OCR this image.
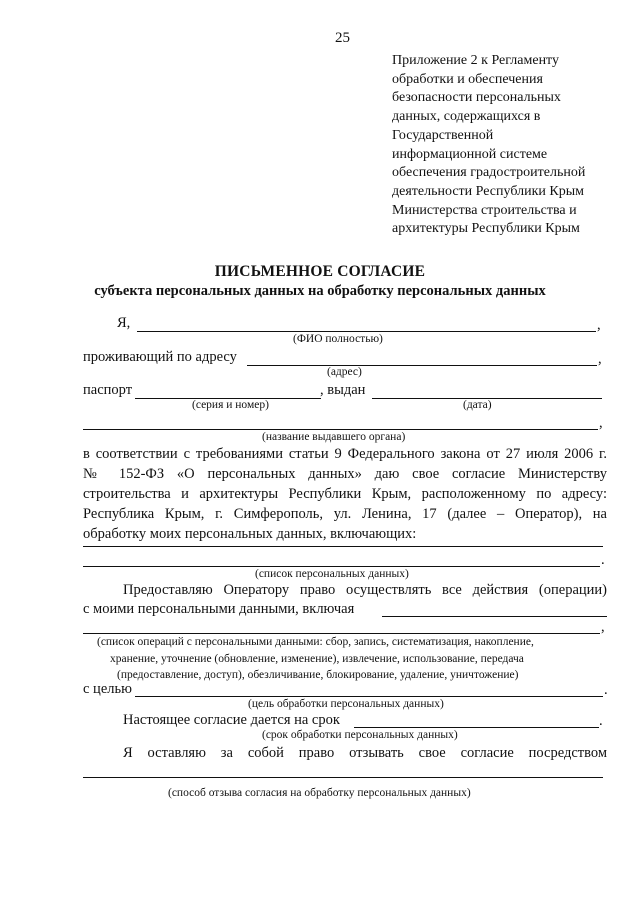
25
Приложение 2 к Регламенту
обработки и обеспечения
безопасности персональных
данных, содержащихся в
Государственной
информационной системе
обеспечения градостроительной
деятельности Республики Крым
Министерства строительства и
архитектуры Республики Крым
ПИСЬМЕННОЕ СОГЛАСИЕ
субъекта персональных данных на обработку персональных данных
Я,	,
(ФИО полностью)
проживающий по адресу	,
(адрес)
паспорт	, выдан
(серия и номер)	(дата)
,
(название выдавшего органа)
в соответствии с требованиями статьи 9 Федерального закона от 27 июля 2006 г.
№ 152-ФЗ «О персональных данных» даю свое согласие Министерству
строительства и архитектуры Республики Крым, расположенному по адресу:
Республика Крым, г. Симферополь, ул. Ленина, 17 (далее – Оператор), на
обработку моих персональных данных, включающих:
.
(список персональных данных)
Предоставляю Оператору право осуществлять все действия (операции)
с моими персональными данными, включая
,
(список операций с персональными данными: сбор, запись, систематизация, накопление,
хранение, уточнение (обновление, изменение), извлечение, использование, передача
(предоставление, доступ), обезличивание, блокирование, удаление, уничтожение)
с целью	.
(цель обработки персональных данных)
Настоящее согласие дается на срок	.
(срок обработки персональных данных)
Я оставляю за собой право отзывать свое согласие посредством
(способ отзыва согласия на обработку персональных данных)
